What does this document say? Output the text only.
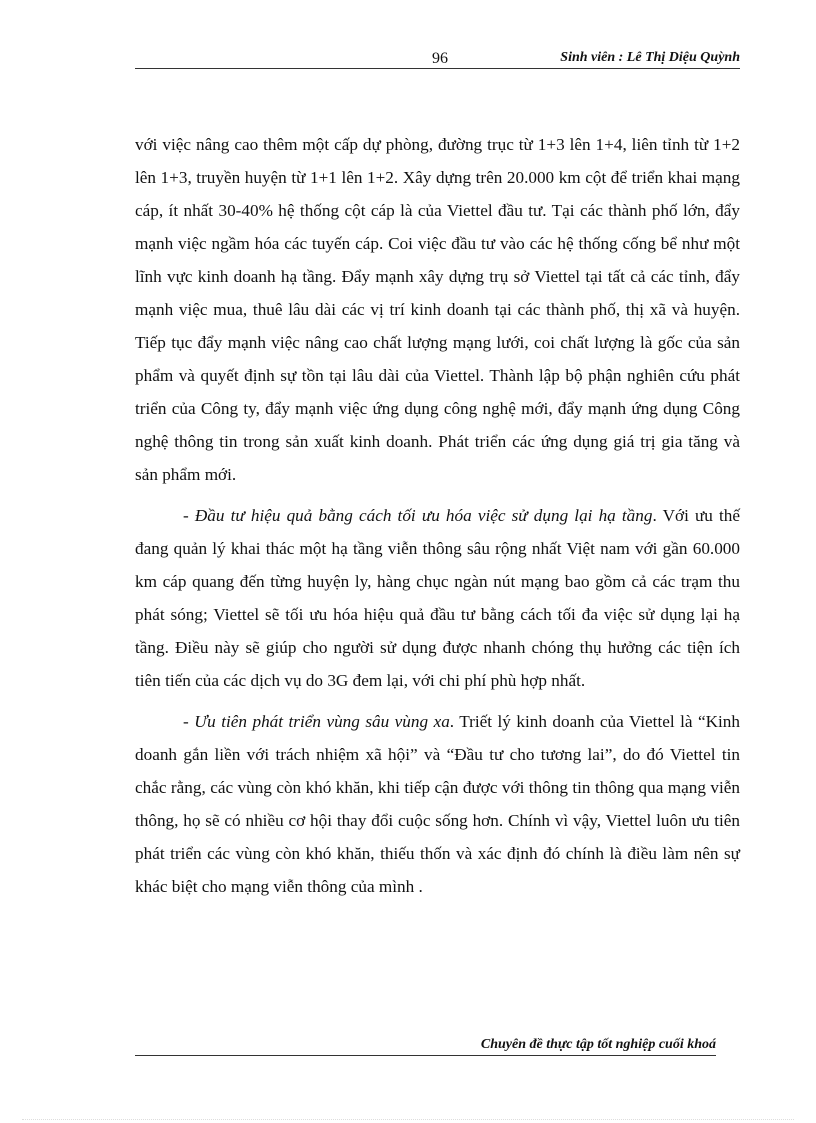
96	Sinh viên : Lê Thị Diệu Quỳnh

với việc nâng cao thêm một cấp dự phòng, đường trục từ 1+3 lên 1+4, liên tỉnh từ 1+2 lên 1+3, truyền huyện từ 1+1 lên 1+2. Xây dựng trên 20.000 km cột để triển khai mạng cáp, ít nhất 30-40% hệ thống cột cáp là của Viettel đầu tư. Tại các thành phố lớn, đẩy mạnh việc ngầm hóa các tuyến cáp. Coi việc đầu tư vào các hệ thống cống bể như một lĩnh vực kinh doanh hạ tầng. Đẩy mạnh xây dựng trụ sở Viettel tại tất cả các tỉnh, đẩy mạnh việc mua, thuê lâu dài các vị trí kinh doanh tại các thành phố, thị xã và huyện. Tiếp tục đẩy mạnh việc nâng cao chất lượng mạng lưới, coi chất lượng là gốc của sản phẩm và quyết định sự tồn tại lâu dài của Viettel. Thành lập bộ phận nghiên cứu phát triển của Công ty, đẩy mạnh việc ứng dụng công nghệ mới, đẩy mạnh ứng dụng Công nghệ thông tin trong sản xuất kinh doanh. Phát triển các ứng dụng giá trị gia tăng và sản phẩm mới.

- Đầu tư hiệu quả bằng cách tối ưu hóa việc sử dụng lại hạ tầng. Với ưu thế đang quản lý khai thác một hạ tầng viễn thông sâu rộng nhất Việt nam với gần 60.000 km cáp quang đến từng huyện ly, hàng chục ngàn nút mạng bao gồm cả các trạm thu phát sóng; Viettel sẽ tối ưu hóa hiệu quả đầu tư bằng cách tối đa việc sử dụng lại hạ tầng. Điều này sẽ giúp cho người sử dụng được nhanh chóng thụ hưởng các tiện ích tiên tiến của các dịch vụ do 3G đem lại, với chi phí phù hợp nhất.

- Ưu tiên phát triển vùng sâu vùng xa. Triết lý kinh doanh của Viettel là “Kinh doanh gắn liền với trách nhiệm xã hội” và “Đầu tư cho tương lai”, do đó Viettel tin chắc rằng, các vùng còn khó khăn, khi tiếp cận được với thông tin thông qua mạng viễn thông, họ sẽ có nhiều cơ hội thay đổi cuộc sống hơn. Chính vì vậy, Viettel luôn ưu tiên phát triển các vùng còn khó khăn, thiếu thốn và xác định đó chính là điều làm nên sự khác biệt cho mạng viễn thông của mình .

Chuyên đề thực tập tốt nghiệp cuối khoá
